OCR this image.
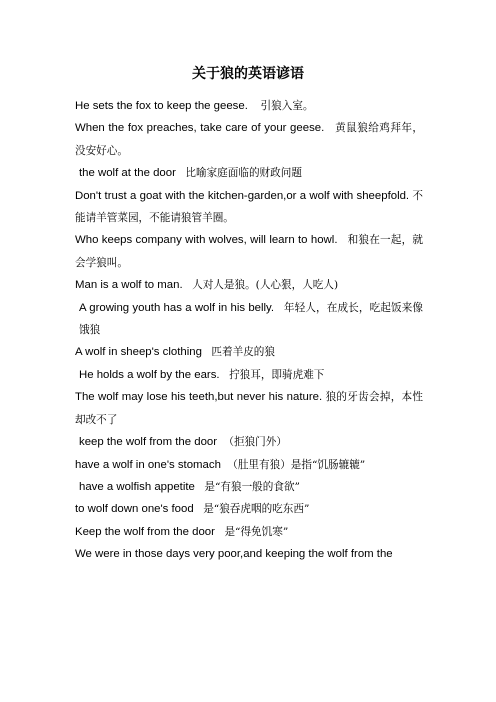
关于狼的英语谚语

He sets the fox to keep the geese. 引狼入室。

When the fox preaches, take care of your geese. 黄鼠狼给鸡拜年，没安好心。

the wolf at the door 比喻家庭面临的财政问题

Don't trust a goat with the kitchen-garden,or a wolf with sheepfold. 不能请羊管菜园，不能请狼管羊圈。

Who keeps company with wolves, will learn to howl. 和狼在一起，就会学狼叫。

Man is a wolf to man. 人对人是狼。(人心狠，人吃人)

A growing youth has a wolf in his belly. 年轻人，在成长，吃起饭来像饿狼

A wolf in sheep's clothing 匹着羊皮的狼

He holds a wolf by the ears. 拧狼耳，即骑虎难下

The wolf may lose his teeth,but never his nature. 狼的牙齿会掉，本性却改不了

keep the wolf from the door （拒狼门外）

have a wolf in one's stomach （肚里有狼）是指“饥肠辘辘”

have a wolfish appetite 是“有狼一般的食欲”

to wolf down one's food 是“狼吞虎咽的吃东西”

Keep the wolf from the door 是“得免饥寒”

We were in those days very poor,and keeping the wolf from the
